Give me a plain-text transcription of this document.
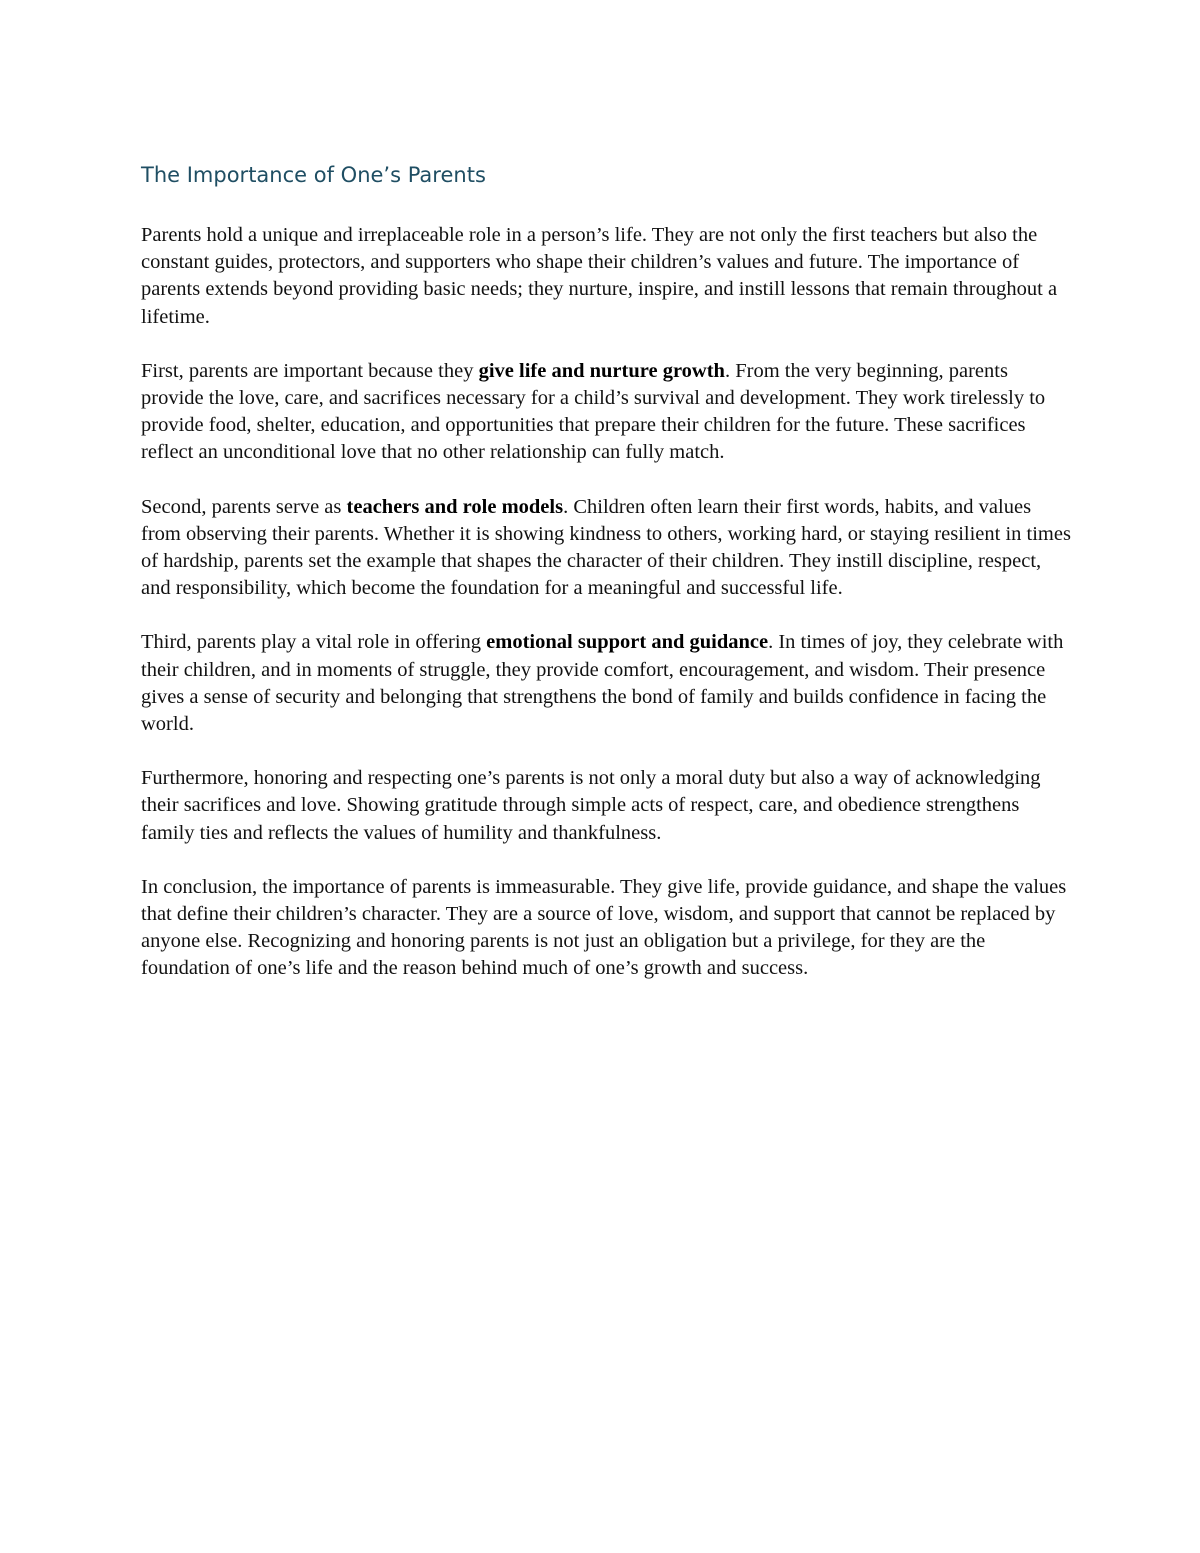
The Importance of One’s Parents

Parents hold a unique and irreplaceable role in a person’s life. They are not only the first teachers but also the constant guides, protectors, and supporters who shape their children’s values and future. The importance of parents extends beyond providing basic needs; they nurture, inspire, and instill lessons that remain throughout a lifetime.

First, parents are important because they give life and nurture growth. From the very beginning, parents provide the love, care, and sacrifices necessary for a child’s survival and development. They work tirelessly to provide food, shelter, education, and opportunities that prepare their children for the future. These sacrifices reflect an unconditional love that no other relationship can fully match.

Second, parents serve as teachers and role models. Children often learn their first words, habits, and values from observing their parents. Whether it is showing kindness to others, working hard, or staying resilient in times of hardship, parents set the example that shapes the character of their children. They instill discipline, respect, and responsibility, which become the foundation for a meaningful and successful life.

Third, parents play a vital role in offering emotional support and guidance. In times of joy, they celebrate with their children, and in moments of struggle, they provide comfort, encouragement, and wisdom. Their presence gives a sense of security and belonging that strengthens the bond of family and builds confidence in facing the world.

Furthermore, honoring and respecting one’s parents is not only a moral duty but also a way of acknowledging their sacrifices and love. Showing gratitude through simple acts of respect, care, and obedience strengthens family ties and reflects the values of humility and thankfulness.

In conclusion, the importance of parents is immeasurable. They give life, provide guidance, and shape the values that define their children’s character. They are a source of love, wisdom, and support that cannot be replaced by anyone else. Recognizing and honoring parents is not just an obligation but a privilege, for they are the foundation of one’s life and the reason behind much of one’s growth and success.
